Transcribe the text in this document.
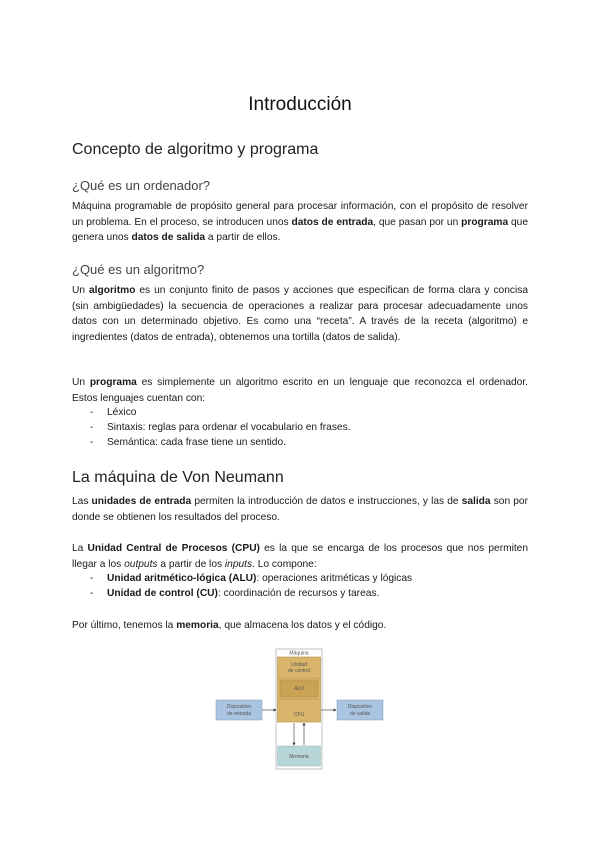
Introducción
Concepto de algoritmo y programa
¿Qué es un ordenador?

Máquina programable de propósito general para procesar información, con el propósito de resolver un problema. En el proceso, se introducen unos datos de entrada, que pasan por un programa que genera unos datos de salida a partir de ellos.

¿Qué es un algoritmo?

Un algoritmo es un conjunto finito de pasos y acciones que especifican de forma clara y concisa (sin ambigüedades) la secuencia de operaciones a realizar para procesar adecuadamente unos datos con un determinado objetivo. Es como una “receta”. A través de la receta (algoritmo) e ingredientes (datos de entrada), obtenemos una tortilla (datos de salida).

Un programa es simplemente un algoritmo escrito en un lenguaje que reconozca el ordenador. Estos lenguajes cuentan con:

- Léxico
- Sintaxis: reglas para ordenar el vocabulario en frases.
- Semántica: cada frase tiene un sentido.
La máquina de Von Neumann

Las unidades de entrada permiten la introducción de datos e instrucciones, y las de salida son por donde se obtienen los resultados del proceso.

La Unidad Central de Procesos (CPU) es la que se encarga de los procesos que nos permiten llegar a los outputs a partir de los inputs. Lo compone:

- Unidad aritmético-lógica (ALU): operaciones aritméticas y lógicas
- Unidad de control (CU): coordinación de recursos y tareas.

Por último, tenemos la memoria, que almacena los datos y el código.

Máquina
Unidad
de control
ALU
CPU
Dispositivo
de entrada
Dispositivo
de salida
Memoria
